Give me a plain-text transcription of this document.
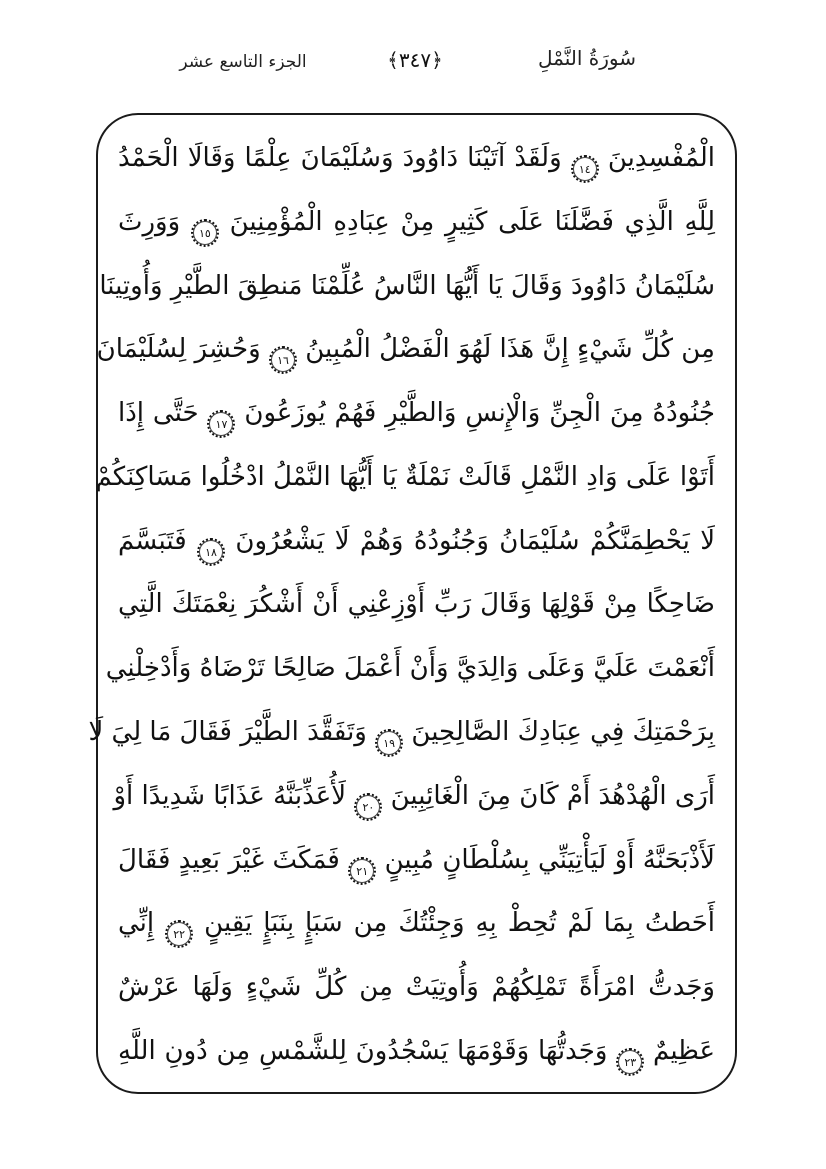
سُورَةُ النَّمْلِ
﴿٣٤٧﴾
الجزء التاسع عشر
الْمُفْسِدِينَ
١٤
وَلَقَدْ آتَيْنَا دَاوُودَ وَسُلَيْمَانَ عِلْمًا وَقَالَا الْحَمْدُ
لِلَّهِ الَّذِي فَضَّلَنَا عَلَى كَثِيرٍ مِنْ عِبَادِهِ الْمُؤْمِنِينَ
١٥
وَوَرِثَ
سُلَيْمَانُ دَاوُودَ وَقَالَ يَا أَيُّهَا النَّاسُ عُلِّمْنَا مَنطِقَ الطَّيْرِ وَأُوتِينَا
مِن كُلِّ شَيْءٍ إِنَّ هَذَا لَهُوَ الْفَضْلُ الْمُبِينُ
١٦
وَحُشِرَ لِسُلَيْمَانَ
جُنُودُهُ مِنَ الْجِنِّ وَالْإِنسِ وَالطَّيْرِ فَهُمْ يُوزَعُونَ
١٧
حَتَّى إِذَا
أَتَوْا عَلَى وَادِ النَّمْلِ قَالَتْ نَمْلَةٌ يَا أَيُّهَا النَّمْلُ ادْخُلُوا مَسَاكِنَكُمْ
لَا يَحْطِمَنَّكُمْ سُلَيْمَانُ وَجُنُودُهُ وَهُمْ لَا يَشْعُرُونَ
١٨
فَتَبَسَّمَ
ضَاحِكًا مِنْ قَوْلِهَا وَقَالَ رَبِّ أَوْزِعْنِي أَنْ أَشْكُرَ نِعْمَتَكَ الَّتِي
أَنْعَمْتَ عَلَيَّ وَعَلَى وَالِدَيَّ وَأَنْ أَعْمَلَ صَالِحًا تَرْضَاهُ وَأَدْخِلْنِي
بِرَحْمَتِكَ فِي عِبَادِكَ الصَّالِحِينَ
١٩
وَتَفَقَّدَ الطَّيْرَ فَقَالَ مَا لِيَ لَا
أَرَى الْهُدْهُدَ أَمْ كَانَ مِنَ الْغَائِبِينَ
٢٠
لَأُعَذِّبَنَّهُ عَذَابًا شَدِيدًا أَوْ
لَأَذْبَحَنَّهُ أَوْ لَيَأْتِيَنِّي بِسُلْطَانٍ مُبِينٍ
٢١
فَمَكَثَ غَيْرَ بَعِيدٍ فَقَالَ
أَحَطتُ بِمَا لَمْ تُحِطْ بِهِ وَجِئْتُكَ مِن سَبَإٍ بِنَبَإٍ يَقِينٍ
٢٢
إِنِّي
وَجَدتُّ امْرَأَةً تَمْلِكُهُمْ وَأُوتِيَتْ مِن كُلِّ شَيْءٍ وَلَهَا عَرْشٌ
عَظِيمٌ
٢٣
وَجَدتُّهَا وَقَوْمَهَا يَسْجُدُونَ لِلشَّمْسِ مِن دُونِ اللَّهِ
